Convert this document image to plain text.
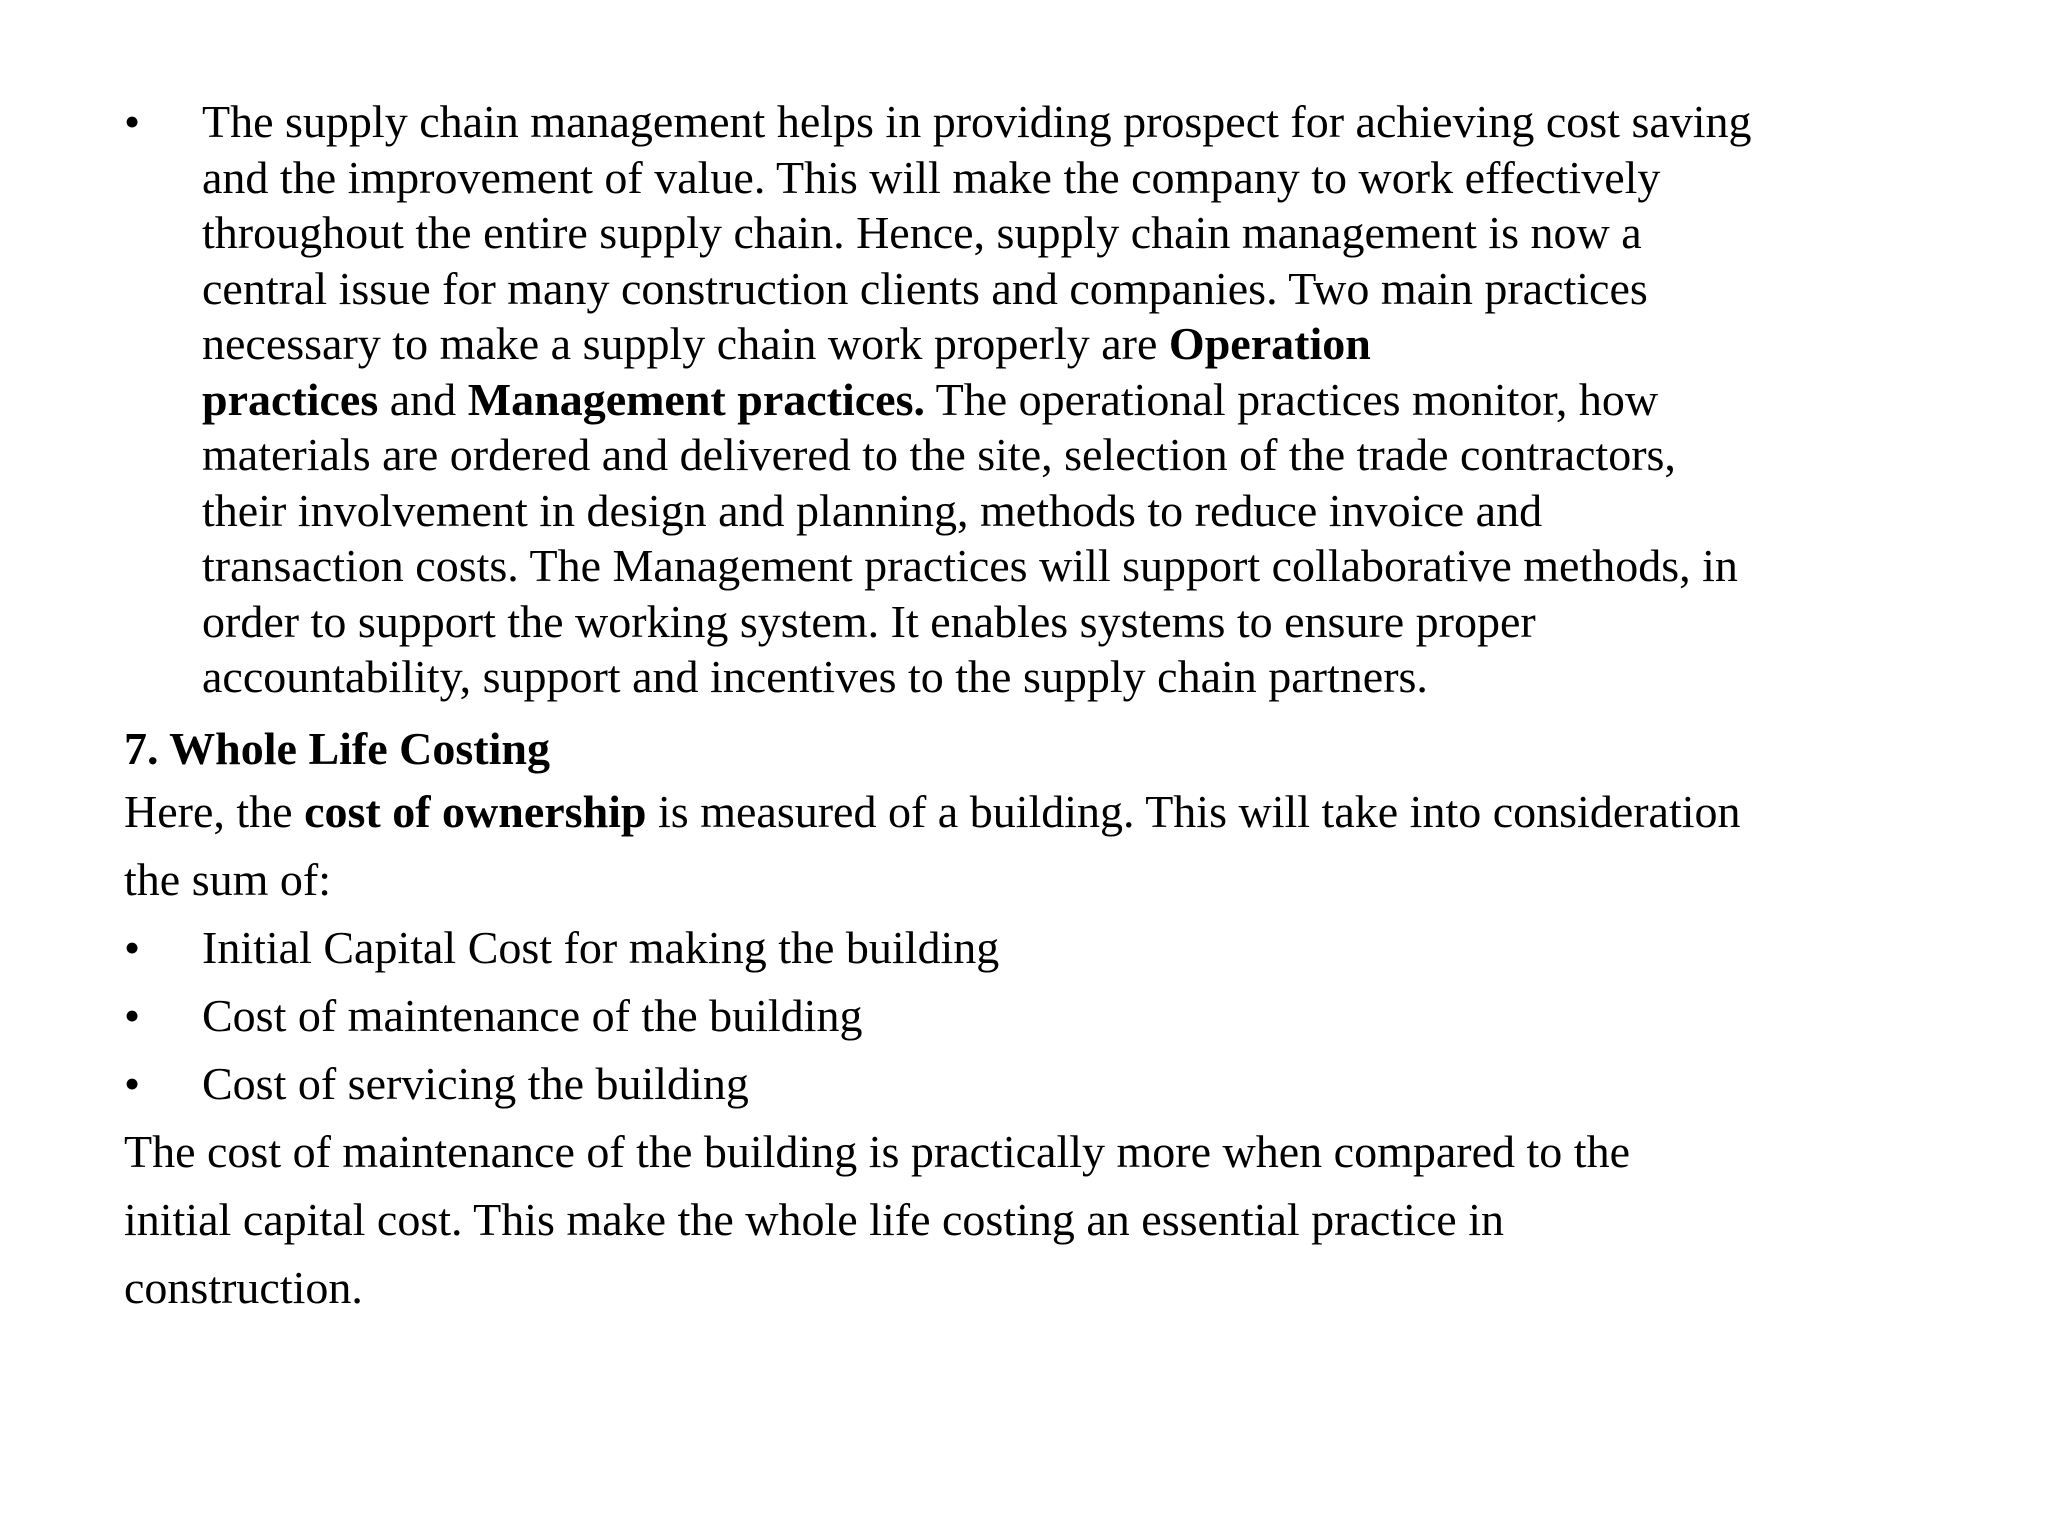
•	The supply chain management helps in providing prospect for achieving cost saving
and the improvement of value. This will make the company to work effectively
throughout the entire supply chain. Hence, supply chain management is now a
central issue for many construction clients and companies. Two main practices
necessary to make a supply chain work properly are Operation
practices and Management practices. The operational practices monitor, how
materials are ordered and delivered to the site, selection of the trade contractors,
their involvement in design and planning, methods to reduce invoice and
transaction costs. The Management practices will support collaborative methods, in
order to support the working system. It enables systems to ensure proper
accountability, support and incentives to the supply chain partners.
7. Whole Life Costing
Here, the cost of ownership is measured of a building. This will take into consideration
the sum of:
•	Initial Capital Cost for making the building
•	Cost of maintenance of the building
•	Cost of servicing the building
The cost of maintenance of the building is practically more when compared to the
initial capital cost. This make the whole life costing an essential practice in
construction.
